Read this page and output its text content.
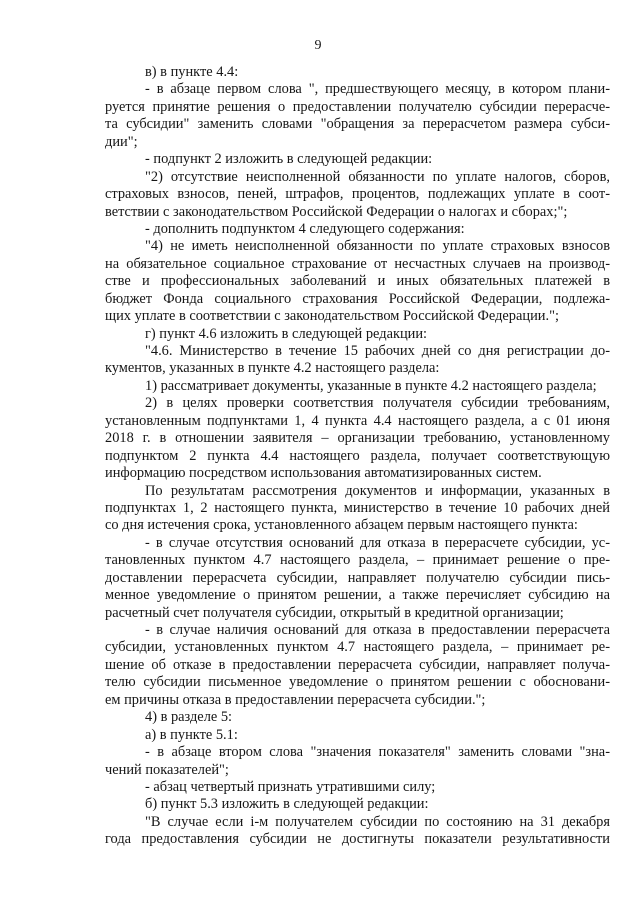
9
в) в пункте 4.4:
- в абзаце первом слова ", предшествующего месяцу, в котором плани-
руется принятие решения о предоставлении получателю субсидии перерасче-
та субсидии" заменить словами "обращения за перерасчетом размера субси-
дии";
- подпункт 2 изложить в следующей редакции:
"2) отсутствие неисполненной обязанности по уплате налогов, сборов,
страховых взносов, пеней, штрафов, процентов, подлежащих уплате в соот-
ветствии с законодательством Российской Федерации о налогах и сборах;";
- дополнить подпунктом 4 следующего содержания:
"4) не иметь неисполненной обязанности по уплате страховых взносов
на обязательное социальное страхование от несчастных случаев на производ-
стве и профессиональных заболеваний и иных обязательных платежей в
бюджет Фонда социального страхования Российской Федерации, подлежа-
щих уплате в соответствии с законодательством Российской Федерации.";
г) пункт 4.6 изложить в следующей редакции:
"4.6. Министерство в течение 15 рабочих дней со дня регистрации до-
кументов, указанных в пункте 4.2 настоящего раздела:
1) рассматривает документы, указанные в пункте 4.2 настоящего раздела;
2) в целях проверки соответствия получателя субсидии требованиям,
установленным подпунктами 1, 4 пункта 4.4 настоящего раздела, а с 01 июня
2018 г. в отношении заявителя – организации требованию, установленному
подпунктом 2 пункта 4.4 настоящего раздела, получает соответствующую
информацию посредством использования автоматизированных систем.
По результатам рассмотрения документов и информации, указанных в
подпунктах 1, 2 настоящего пункта, министерство в течение 10 рабочих дней
со дня истечения срока, установленного абзацем первым настоящего пункта:
- в случае отсутствия оснований для отказа в перерасчете субсидии, ус-
тановленных пунктом 4.7 настоящего раздела, – принимает решение о пре-
доставлении перерасчета субсидии, направляет получателю субсидии пись-
менное уведомление о принятом решении, а также перечисляет субсидию на
расчетный счет получателя субсидии, открытый в кредитной организации;
- в случае наличия оснований для отказа в предоставлении перерасчета
субсидии, установленных пунктом 4.7 настоящего раздела, – принимает ре-
шение об отказе в предоставлении перерасчета субсидии, направляет получа-
телю субсидии письменное уведомление о принятом решении с обосновани-
ем причины отказа в предоставлении перерасчета субсидии.";
4) в разделе 5:
а) в пункте 5.1:
- в абзаце втором слова "значения показателя" заменить словами "зна-
чений показателей";
- абзац четвертый признать утратившими силу;
б) пункт 5.3 изложить в следующей редакции:
"В случае если i-м получателем субсидии по состоянию на 31 декабря
года предоставления субсидии не достигнуты показатели результативности
